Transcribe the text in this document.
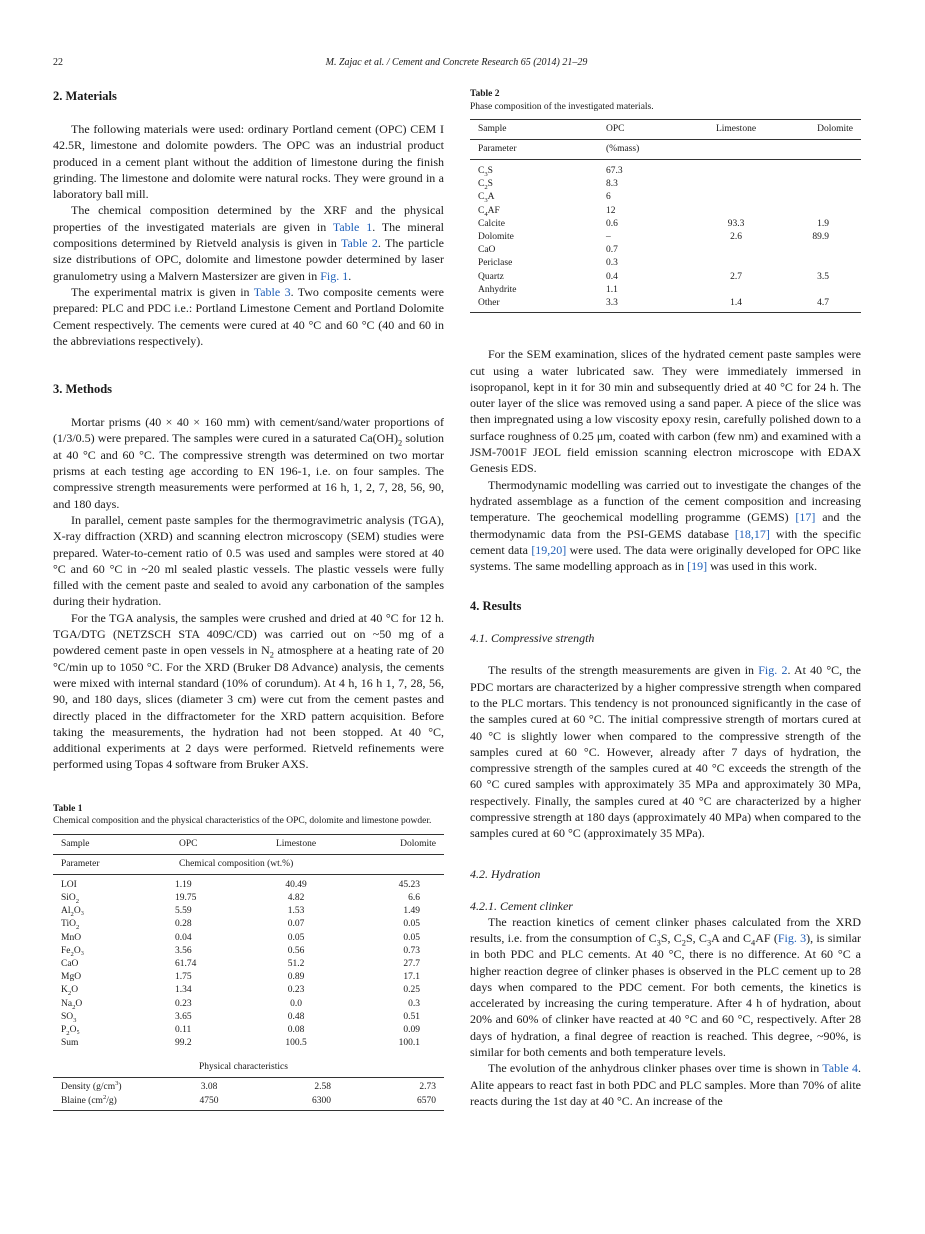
22	M. Zajac et al. / Cement and Concrete Research 65 (2014) 21–29
2. Materials

The following materials were used: ordinary Portland cement (OPC) CEM I 42.5R, limestone and dolomite powders. The OPC was an industrial product produced in a cement plant without the addition of limestone during the finish grinding. The limestone and dolomite were natural rocks. They were ground in a laboratory ball mill.

The chemical composition determined by the XRF and the physical properties of the investigated materials are given in Table 1. The mineral compositions determined by Rietveld analysis is given in Table 2. The particle size distributions of OPC, dolomite and limestone powder determined by laser granulometry using a Malvern Mastersizer are given in Fig. 1.

The experimental matrix is given in Table 3. Two composite cements were prepared: PLC and PDC i.e.: Portland Limestone Cement and Portland Dolomite Cement respectively. The cements were cured at 40 °C and 60 °C (40 and 60 in the abbreviations respectively).

3. Methods

Mortar prisms (40 × 40 × 160 mm) with cement/sand/water proportions of (1/3/0.5) were prepared. The samples were cured in a saturated $Ca(OH)_2$ solution at 40 °C and 60 °C. The compressive strength was determined on two mortar prisms at each testing age according to EN 196-1, i.e. on four samples. The compressive strength measurements were performed at 16 h, 1, 2, 7, 28, 56, 90, and 180 days.

In parallel, cement paste samples for the thermogravimetric analysis (TGA), X-ray diffraction (XRD) and scanning electron microscopy (SEM) studies were prepared. Water-to-cement ratio of 0.5 was used and samples were stored at 40 °C and 60 °C in ~20 ml sealed plastic vessels. The plastic vessels were fully filled with the cement paste and sealed to avoid any carbonation of the samples during their hydration.

For the TGA analysis, the samples were crushed and dried at 40 °C for 12 h. TGA/DTG (NETZSCH STA 409C/CD) was carried out on ~50 mg of a powdered cement paste in open vessels in $N_2$ atmosphere at a heating rate of 20 °C/min up to 1050 °C. For the XRD (Bruker D8 Advance) analysis, the cements were mixed with internal standard (10% of corundum). At 4 h, 16 h 1, 7, 28, 56, 90, and 180 days, slices (diameter 3 cm) were cut from the cement pastes and directly placed in the diffractometer for the XRD pattern acquisition. Before taking the measurements, the hydration had not been stopped. At 40 °C, additional experiments at 2 days were performed. Rietveld refinements were performed using Topas 4 software from Bruker AXS.

Table 1
Chemical composition and the physical characteristics of the OPC, dolomite and limestone powder.
Sample	OPC	Limestone	Dolomite
Parameter	Chemical composition (wt.%)		

LOI	1.19	40.49	45.23
SiO$_2$	19.75	4.82	6.6
$Al_2O_3$	5.59	1.53	1.49
TiO$_2$	0.28	0.07	0.05
MnO	0.04	0.05	0.05
$Fe_2O_3$	3.56	0.56	0.73
CaO	61.74	51.2	27.7
MgO	1.75	0.89	17.1
$K_2O$	1.34	0.23	0.25
$Na_2O$	0.23	0.0	0.3
$SO_3$	3.65	0.48	0.51
$P_2O_5$	0.11	0.08	0.09
Sum	99.2	100.5	100.1

	Physical characteristics		

Density $(g/cm^3)$	3.08	2.58	2.73
Blaine $(cm^2/g)$	4750	6300	6570
Table 2
Phase composition of the investigated materials.
Sample	OPC	Limestone	Dolomite
Parameter	(%mass)		

$C_3S$	67.3		
$C_2S$	8.3		
$C_3A$	6		
$C_4AF$	12		
Calcite	0.6	93.3	1.9
Dolomite	–	2.6	89.9
CaO	0.7		
Periclase	0.3		
Quartz	0.4	2.7	3.5
Anhydrite	1.1		
Other	3.3	1.4	4.7

For the SEM examination, slices of the hydrated cement paste samples were cut using a water lubricated saw. They were immediately immersed in isopropanol, kept in it for 30 min and subsequently dried at 40 °C for 24 h. The outer layer of the slice was removed using a sand paper. A piece of the slice was then impregnated using a low viscosity epoxy resin, carefully polished down to a surface roughness of 0.25 μm, coated with carbon (few nm) and examined with a JSM-7001F JEOL field emission scanning electron microscope with EDAX Genesis EDS.

Thermodynamic modelling was carried out to investigate the changes of the hydrated assemblage as a function of the cement composition and increasing temperature. The geochemical modelling programme (GEMS) [17] and the thermodynamic data from the PSI-GEMS database [18,17] with the specific cement data [19,20] were used. The data were originally developed for OPC like systems. The same modelling approach as in [19] was used in this work.

4. Results
4.1. Compressive strength

The results of the strength measurements are given in Fig. 2. At 40 °C, the PDC mortars are characterized by a higher compressive strength when compared to the PLC mortars. This tendency is not pronounced significantly in the case of the samples cured at 60 °C. The initial compressive strength of mortars cured at 40 °C is slightly lower when compared to the compressive strength of the samples cured at 60 °C. However, already after 7 days of hydration, the compressive strength of the samples cured at 40 °C exceeds the strength of the 60 °C cured samples with approximately 35 MPa and approximately 30 MPa, respectively. Finally, the samples cured at 40 °C are characterized by a higher compressive strength at 180 days (approximately 40 MPa) when compared to the samples cured at 60 °C (approximately 35 MPa).

4.2. Hydration
4.2.1. Cement clinker

The reaction kinetics of cement clinker phases calculated from the XRD results, i.e. from the consumption of $C_3S$, $C_2S$, $C_3A$ and $C_4AF$ (Fig. 3), is similar in both PDC and PLC cements. At 40 °C, there is no difference. At 60 °C a higher reaction degree of clinker phases is observed in the PLC cement up to 28 days when compared to the PDC cement. For both cements, the kinetics is accelerated by increasing the curing temperature. After 4 h of hydration, about 20% and 60% of clinker have reacted at 40 °C and 60 °C, respectively. After 28 days of hydration, a final degree of reaction is reached. This degree, ~90%, is similar for both cements and both temperature levels.

The evolution of the anhydrous clinker phases over time is shown in Table 4. Alite appears to react fast in both PDC and PLC samples. More than 70% of alite reacts during the 1st day at 40 °C. An increase of the
